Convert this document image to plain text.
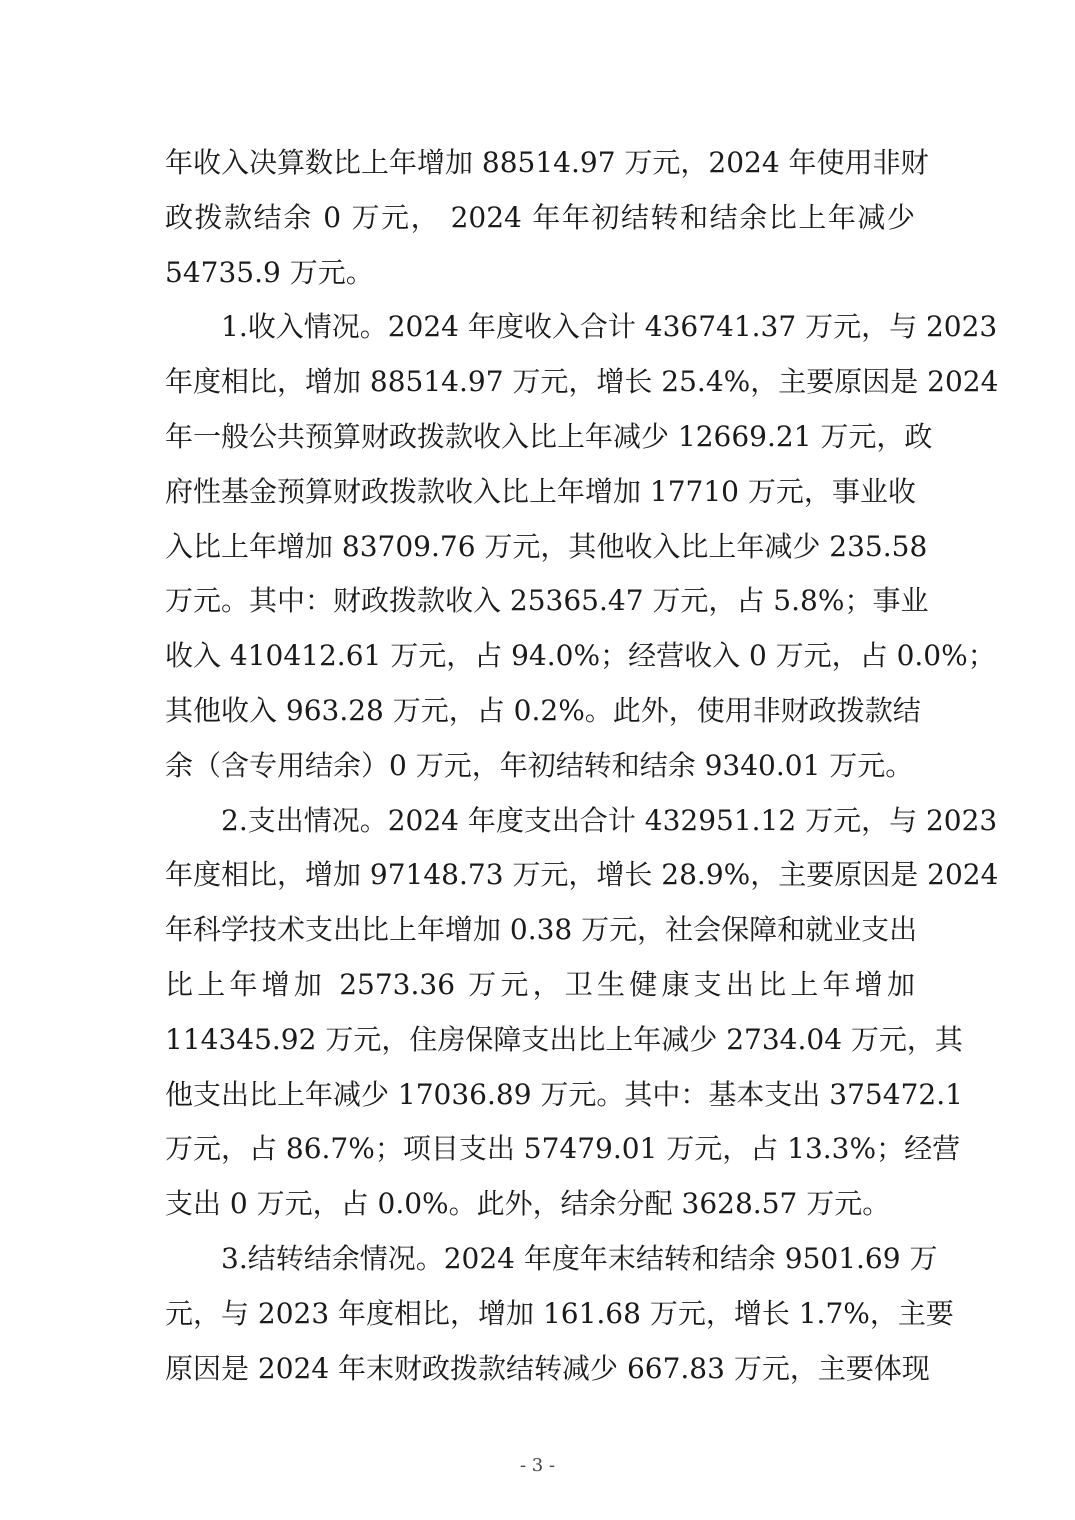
年收入决算数比上年增加 88514.97 万元，2024 年使用非财
政拨款结余 0 万元， 2024 年年初结转和结余比上年减少
54735.9 万元。
1.收入情况。2024 年度收入合计 436741.37 万元，与 2023
年度相比，增加 88514.97 万元，增长 25.4%，主要原因是 2024
年一般公共预算财政拨款收入比上年减少 12669.21 万元，政
府性基金预算财政拨款收入比上年增加 17710 万元，事业收
入比上年增加 83709.76 万元，其他收入比上年减少 235.58
万元。其中：财政拨款收入 25365.47 万元，占 5.8%；事业
收入 410412.61 万元，占 94.0%；经营收入 0 万元，占 0.0%；
其他收入 963.28 万元，占 0.2%。此外，使用非财政拨款结
余（含专用结余）0 万元，年初结转和结余 9340.01 万元。
2.支出情况。2024 年度支出合计 432951.12 万元，与 2023
年度相比，增加 97148.73 万元，增长 28.9%，主要原因是 2024
年科学技术支出比上年增加 0.38 万元，社会保障和就业支出
比上年增加 2573.36 万元，卫生健康支出比上年增加
114345.92 万元，住房保障支出比上年减少 2734.04 万元，其
他支出比上年减少 17036.89 万元。其中：基本支出 375472.1
万元，占 86.7%；项目支出 57479.01 万元，占 13.3%；经营
支出 0 万元，占 0.0%。此外，结余分配 3628.57 万元。
3.结转结余情况。2024 年度年末结转和结余 9501.69 万
元，与 2023 年度相比，增加 161.68 万元，增长 1.7%，主要
原因是 2024 年末财政拨款结转减少 667.83 万元，主要体现
- 3 -
